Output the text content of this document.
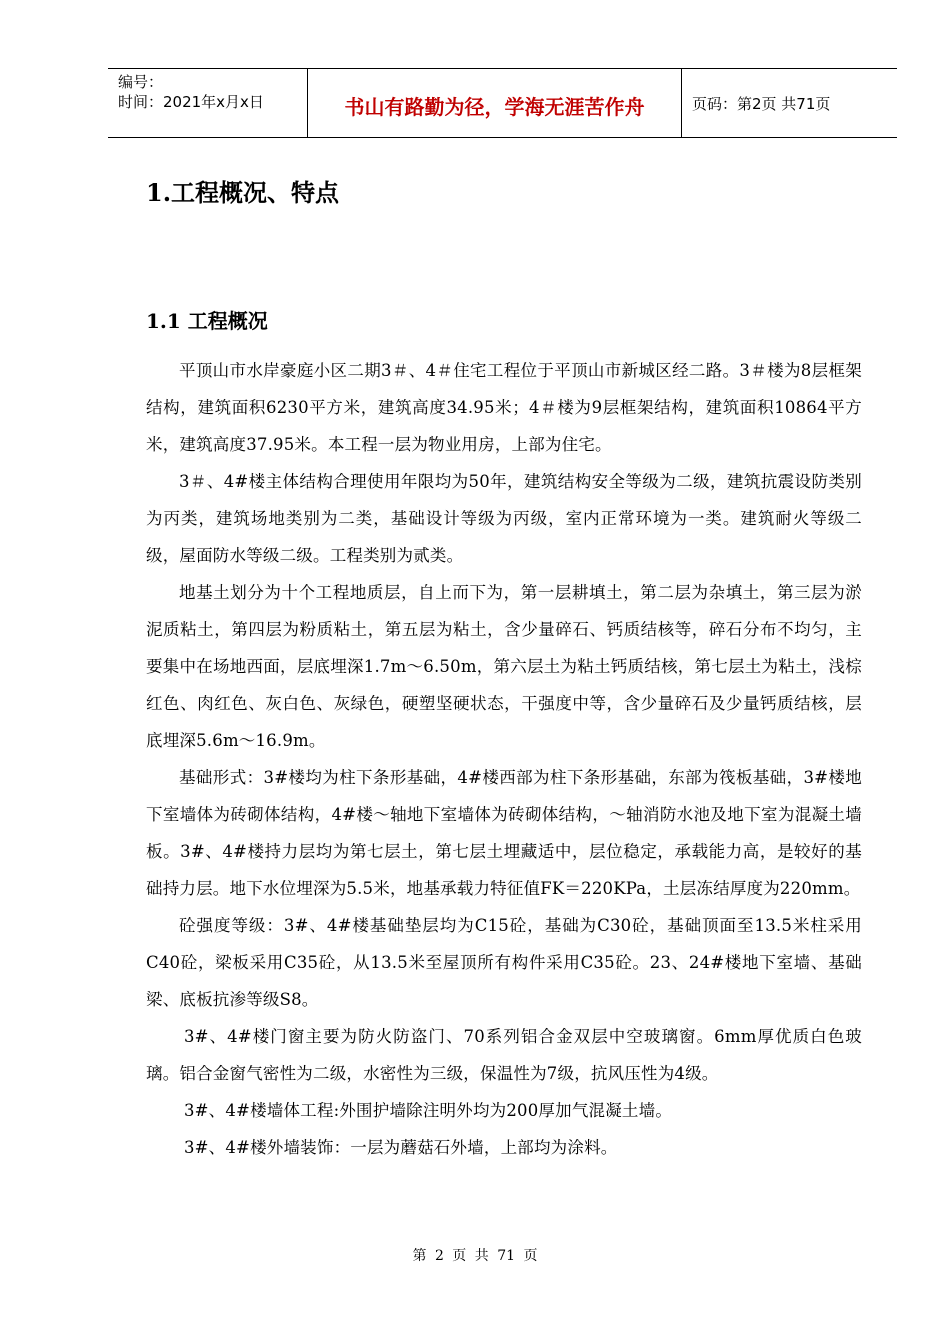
编号：
时间：2021年x月x日	书山有路勤为径，学海无涯苦作舟	页码：第2页 共71页
1.工程概况、特点
1.1 工程概况

平顶山市水岸豪庭小区二期3＃、4＃住宅工程位于平顶山市新城区经二路。3＃楼为8层框架结构，建筑面积6230平方米，建筑高度34.95米；4＃楼为9层框架结构，建筑面积10864平方米，建筑高度37.95米。本工程一层为物业用房，上部为住宅。

3＃、4#楼主体结构合理使用年限均为50年，建筑结构安全等级为二级，建筑抗震设防类别为丙类，建筑场地类别为二类，基础设计等级为丙级，室内正常环境为一类。建筑耐火等级二级，屋面防水等级二级。工程类别为贰类。

地基土划分为十个工程地质层，自上而下为，第一层耕填土，第二层为杂填土，第三层为淤泥质粘土，第四层为粉质粘土，第五层为粘土，含少量碎石、钙质结核等，碎石分布不均匀，主要集中在场地西面，层底埋深1.7m～6.50m，第六层土为粘土钙质结核，第七层土为粘土，浅棕红色、肉红色、灰白色、灰绿色，硬塑坚硬状态，干强度中等，含少量碎石及少量钙质结核，层底埋深5.6m～16.9m。

基础形式：3#楼均为柱下条形基础，4#楼西部为柱下条形基础，东部为筏板基础，3#楼地下室墙体为砖砌体结构，4#楼～轴地下室墙体为砖砌体结构，～轴消防水池及地下室为混凝土墙板。3#、4#楼持力层均为第七层土，第七层土埋藏适中，层位稳定，承载能力高，是较好的基础持力层。地下水位埋深为5.5米，地基承载力特征值FK＝220KPa，土层冻结厚度为220mm。

砼强度等级：3#、4#楼基础垫层均为C15砼，基础为C30砼，基础顶面至13.5米柱采用C40砼，梁板采用C35砼，从13.5米至屋顶所有构件采用C35砼。23、24#楼地下室墙、基础梁、底板抗渗等级S8。

3#、4#楼门窗主要为防火防盗门、70系列铝合金双层中空玻璃窗。6mm厚优质白色玻璃。铝合金窗气密性为二级，水密性为三级，保温性为7级，抗风压性为4级。

3#、4#楼墙体工程:外围护墙除注明外均为200厚加气混凝土墙。

3#、4#楼外墙装饰：一层为蘑菇石外墙，上部均为涂料。

第 2 页 共 71 页
